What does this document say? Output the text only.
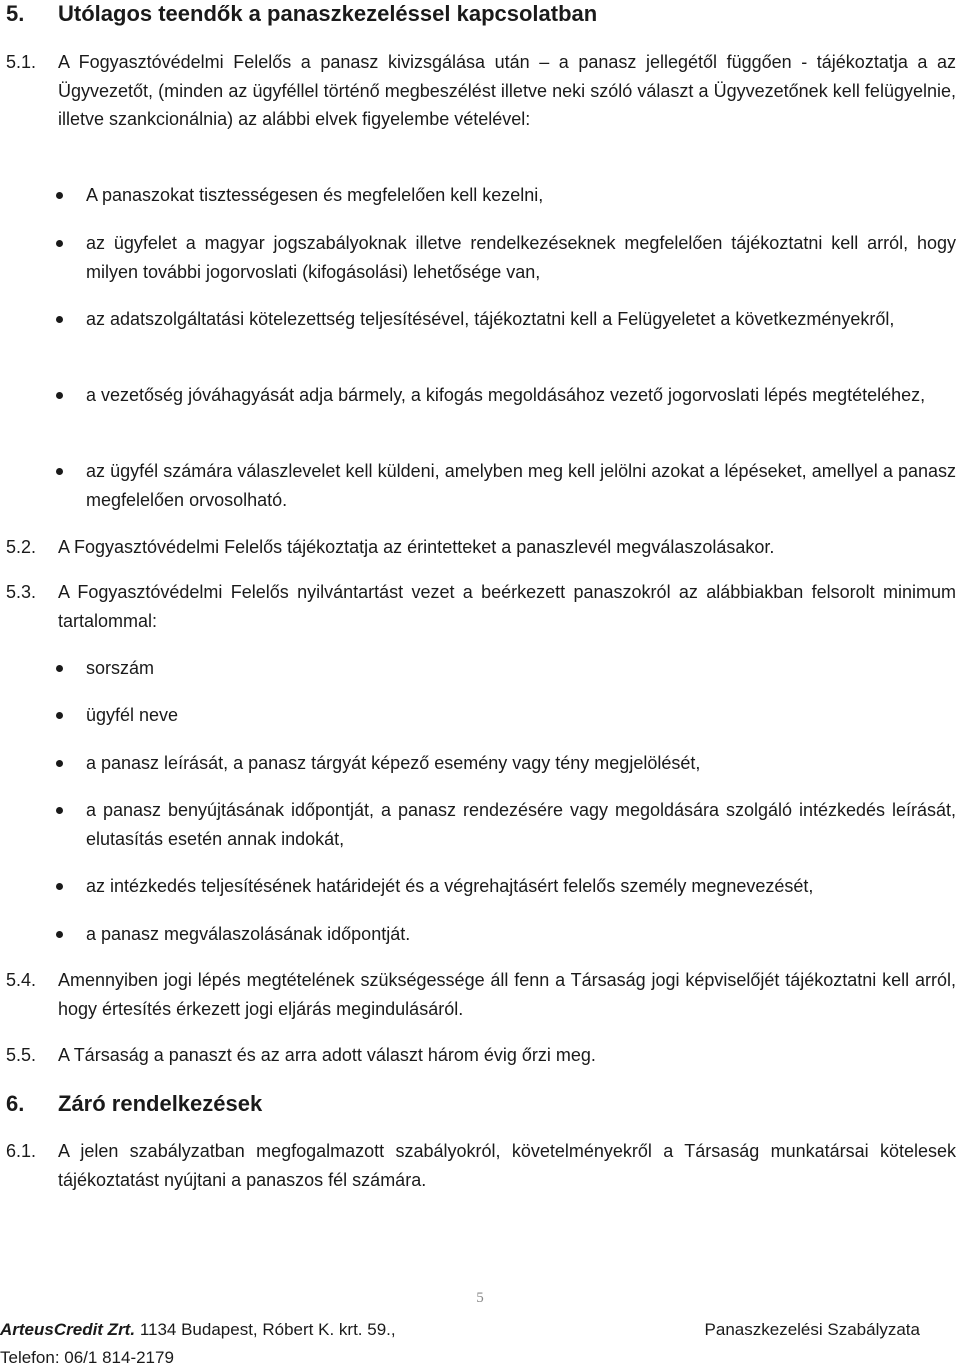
5. Utólagos teendők a panaszkezeléssel kapcsolatban
5.1. A Fogyasztóvédelmi Felelős a panasz kivizsgálása után – a panasz jellegétől függően - tájékoztatja a az Ügyvezetőt, (minden az ügyféllel történő megbeszélést illetve neki szóló választ a Ügyvezetőnek kell felügyelnie, illetve szankcionálnia) az alábbi elvek figyelembe vételével:
A panaszokat tisztességesen és megfelelően kell kezelni,
az ügyfelet a magyar jogszabályoknak illetve rendelkezéseknek megfelelően tájékoztatni kell arról, hogy milyen további jogorvoslati (kifogásolási) lehetősége van,
az adatszolgáltatási kötelezettség teljesítésével, tájékoztatni kell a Felügyeletet a következményekről,
a vezetőség jóváhagyását adja bármely, a kifogás megoldásához vezető jogorvoslati lépés megtételéhez,
az ügyfél számára válaszlevelet kell küldeni, amelyben meg kell jelölni azokat a lépéseket, amellyel a panasz megfelelően orvosolható.
5.2. A Fogyasztóvédelmi Felelős tájékoztatja az érintetteket a panaszlevél megválaszolásakor.
5.3. A Fogyasztóvédelmi Felelős nyilvántartást vezet a beérkezett panaszokról az alábbiakban felsorolt minimum tartalommal:
sorszám
ügyfél neve
a panasz leírását, a panasz tárgyát képező esemény vagy tény megjelölését,
a panasz benyújtásának időpontját, a panasz rendezésére vagy megoldására szolgáló intézkedés leírását, elutasítás esetén annak indokát,
az intézkedés teljesítésének határidejét és a végrehajtásért felelős személy megnevezését,
a panasz megválaszolásának időpontját.
5.4. Amennyiben jogi lépés megtételének szükségessége áll fenn a Társaság jogi képviselőjét tájékoztatni kell arról, hogy értesítés érkezett jogi eljárás megindulásáról.
5.5. A Társaság a panaszt és az arra adott választ három évig őrzi meg.
6. Záró rendelkezések
6.1. A jelen szabályzatban megfogalmazott szabályokról, követelményekről a Társaság munkatársai kötelesek tájékoztatást nyújtani a panaszos fél számára.
5
ArteusCredit Zrt. 1134 Budapest, Róbert K. krt. 59.,
Telefon: 06/1 814-2179
Panaszkezelési Szabályzata
